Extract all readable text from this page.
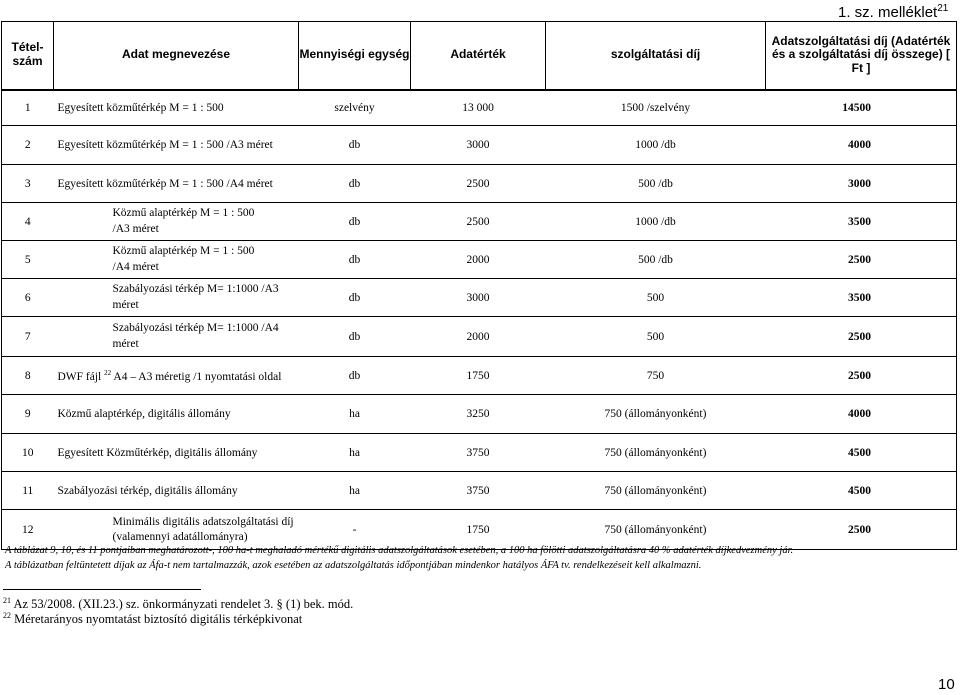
1. sz. melléklet$^{21}$
Tétel-szám	Adat megnevezése	Mennyiségi egység	Adatérték	szolgáltatási díj	Adatszolgáltatási díj (Adatérték és a szolgáltatási díj összege) [ Ft ]
1	Egyesített közműtérkép M = 1 : 500	szelvény	13 000	1500 /szelvény	14500
2	Egyesített közműtérkép M = 1 : 500 /A3 méret	db	3000	1000 /db	4000
3	Egyesített közműtérkép M = 1 : 500 /A4 méret	db	2500	500 /db	3000
4	Közmű alaptérkép M = 1 : 500 /A3 méret	db	2500	1000 /db	3500
5	Közmű alaptérkép M = 1 : 500 /A4 méret	db	2000	500 /db	2500
6	Szabályozási térkép M= 1:1000 /A3 méret	db	3000	500	3500
7	Szabályozási térkép M= 1:1000 /A4 méret	db	2000	500	2500
8	DWF fájl $^{22}$ A4 – A3 méretig /1 nyomtatási oldal	db	1750	750	2500
9	Közmű alaptérkép, digitális állomány	ha	3250	750 (állományonként)	4000
10	Egyesített Közműtérkép, digitális állomány	ha	3750	750 (állományonként)	4500
11	Szabályozási térkép, digitális állomány	ha	3750	750 (állományonként)	4500
12	Minimális digitális adatszolgáltatási díj (valamennyi adatállományra)	-	1750	750 (állományonként)	2500
A táblázat 9, 10, és 11 pontjaiban meghatározott-, 100 ha-t meghaladó mértékű digitális adatszolgáltatások esetében, a 100 ha fölötti adatszolgáltatásra 40 % adatérték díjkedvezmény jár.
A táblázatban feltüntetett díjak az Áfa-t nem tartalmazzák, azok esetében az adatszolgáltatás időpontjában mindenkor hatályos ÁFA tv. rendelkezéseit kell alkalmazni.
$^{21}$ Az 53/2008. (XII.23.) sz. önkormányzati rendelet 3. § (1) bek. mód.
$^{22}$ Méretarányos nyomtatást biztosító digitális térképkivonat
10
